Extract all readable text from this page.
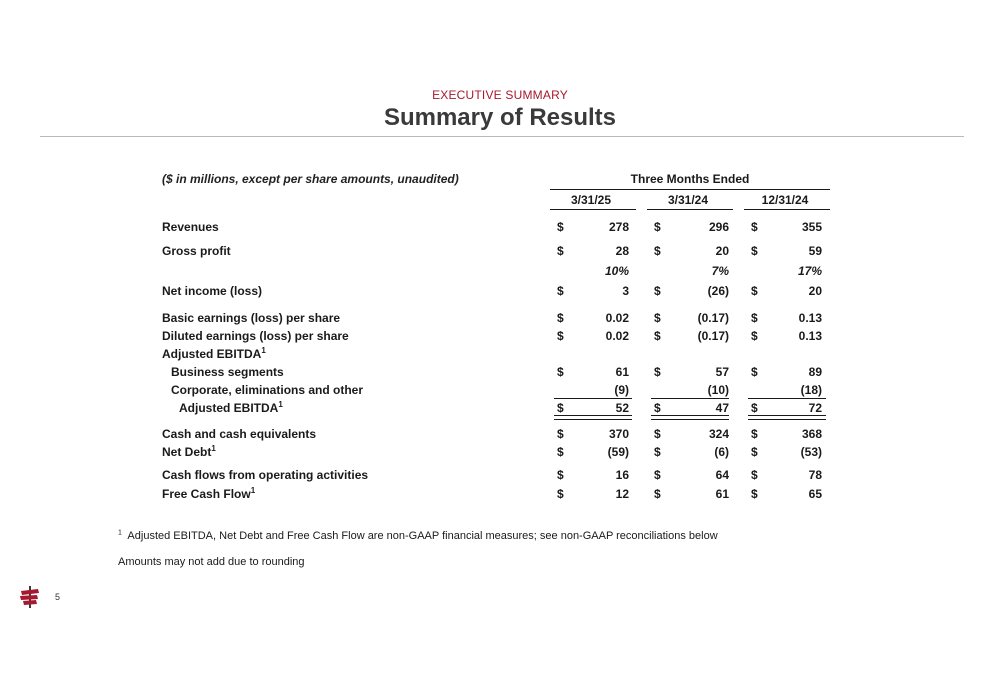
EXECUTIVE SUMMARY
Summary of Results
($ in millions, except per share amounts, unaudited)	Three Months Ended
3/31/25	3/31/24	12/31/24
Revenues	$	278 $	296 $	355
Gross profit	$	28 $	20 $	59
10%	7%	17%
Net income (loss)	$	3 $	(26) $	20
Basic earnings (loss) per share	$	0.02 $	(0.17) $	0.13
Diluted earnings (loss) per share	$	0.02 $	(0.17) $	0.13
Adjusted EBITDA$^1$
Business segments	$	61 $	57 $	89
Corporate, eliminations and other	(9)	(10)	(18)
Adjusted EBITDA$^1$	$	52 $	47 $	72
Cash and cash equivalents	$	370 $	324 $	368
Net Debt$^1$	$	(59) $	(6) $	(53)
Cash flows from operating activities	$	16 $	64 $	78
Free Cash Flow$^1$	$	12 $	61 $	65
$^1$ Adjusted EBITDA, Net Debt and Free Cash Flow are non-GAAP financial measures; see non-GAAP reconciliations below
Amounts may not add due to rounding
5
